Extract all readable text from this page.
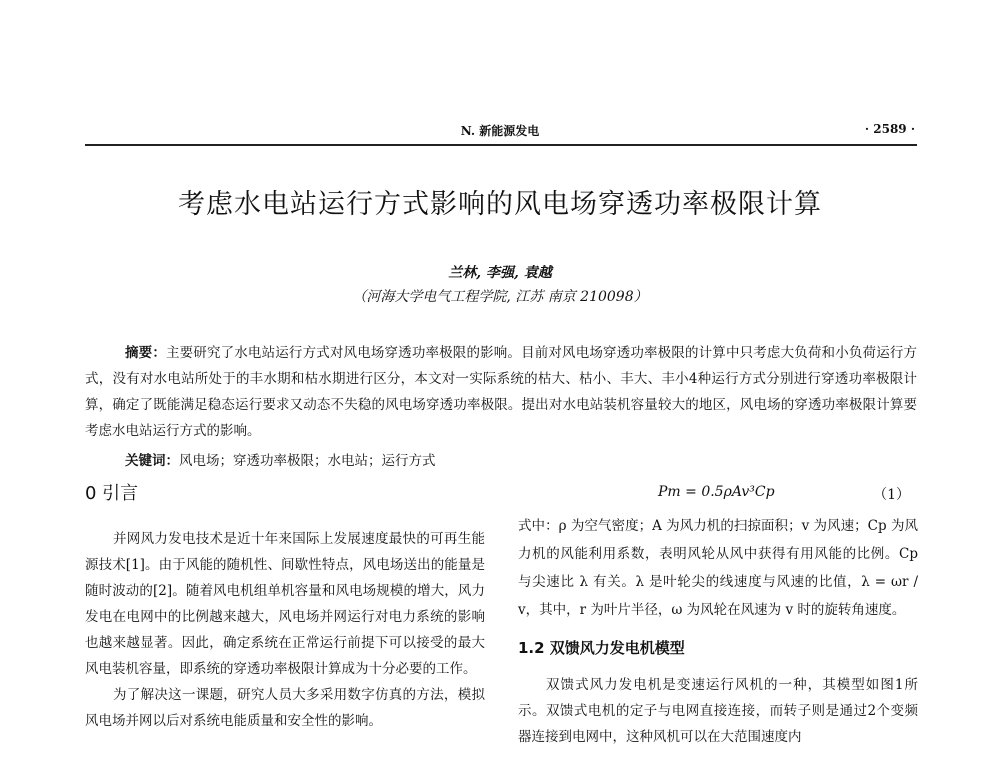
N. 新能源发电	· 2589 ·
考虑水电站运行方式影响的风电场穿透功率极限计算
兰林, 李强, 袁越
（河海大学电气工程学院, 江苏 南京 210098）
摘要：主要研究了水电站运行方式对风电场穿透功率极限的影响。目前对风电场穿透功率极限的计算中只考虑大负荷和小负荷运行方式，没有对水电站所处于的丰水期和枯水期进行区分，本文对一实际系统的枯大、枯小、丰大、丰小4种运行方式分别进行穿透功率极限计算，确定了既能满足稳态运行要求又动态不失稳的风电场穿透功率极限。提出对水电站装机容量较大的地区，风电场的穿透功率极限计算要考虑水电站运行方式的影响。
关键词：风电场；穿透功率极限；水电站；运行方式
0 引言

并网风力发电技术是近十年来国际上发展速度最快的可再生能源技术[1]。由于风能的随机性、间歇性特点，风电场送出的能量是随时波动的[2]。随着风电机组单机容量和风电场规模的增大，风力发电在电网中的比例越来越大，风电场并网运行对电力系统的影响也越来越显著。因此，确定系统在正常运行前提下可以接受的最大风电装机容量，即系统的穿透功率极限计算成为十分必要的工作。

为了解决这一课题，研究人员大多采用数字仿真的方法，模拟风电场并网以后对系统电能质量和安全性的影响。

Pm = 0.5ρAv³Cp	（1）

式中：ρ 为空气密度；A 为风力机的扫掠面积；v 为风速；Cp 为风力机的风能利用系数，表明风轮从风中获得有用风能的比例。Cp 与尖速比 λ 有关。λ 是叶轮尖的线速度与风速的比值，λ = ωr / v，其中，r 为叶片半径，ω 为风轮在风速为 v 时的旋转角速度。

1.2 双馈风力发电机模型

双馈式风力发电机是变速运行风机的一种，其模型如图1所示。双馈式电机的定子与电网直接连接，而转子则是通过2个变频器连接到电网中，这种风机可以在大范围速度内
